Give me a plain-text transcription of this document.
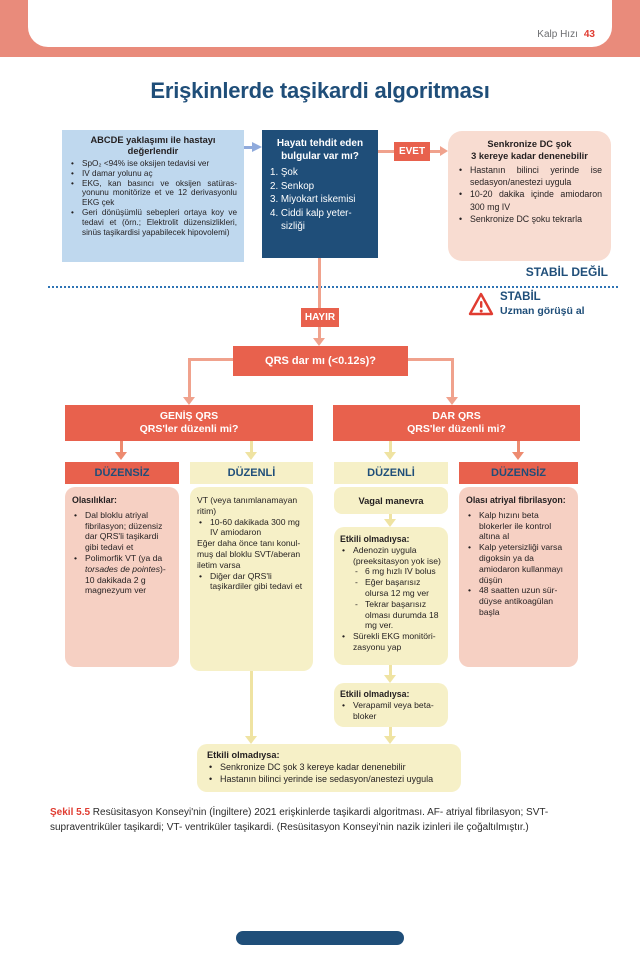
Kalp Hızı 43
Erişkinlerde taşikardi algoritması
ABCDE yaklaşımı ile hastayı değerlendir
• SpO₂ <94% ise oksijen tedavisi ver
• IV damar yolunu aç
• EKG, kan basıncı ve oksijen satürasyonunu monitörize et ve 12 derivasyonlu EKG çek
• Geri dönüşümlü sebepleri ortaya koy ve tedavi et (örn.; Elektrolit düzensizlikleri, sinüs taşikardisi yapabilecek hipovolemi)
Hayatı tehdit eden bulgular var mı?
1. Şok
2. Senkop
3. Miyokart iskemisi
4. Ciddi kalp yetersizliği
EVET
Senkronize DC şok
3 kereye kadar denenebilir
• Hastanın bilinci yerinde ise sedasyon/anestezi uygula
• 10-20 dakika içinde amiodaron 300 mg IV
• Senkronize DC şoku tekrarla
STABİL DEĞİL
STABİL
Uzman görüşü al
HAYIR
QRS dar mı (<0.12s)?
GENİŞ QRS
QRS'ler düzenli mi?
DAR QRS
QRS'ler düzenli mi?
DÜZENSİZ	DÜZENLİ	DÜZENLİ	DÜZENSİZ
Olasılıklar:
• Dal bloklu atriyal fibrilasyon; düzensiz dar QRS'li taşikardi gibi tedavi et
• Polimorfik VT (ya da torsades de pointes)- 10 dakikada 2 g magnezyum ver
VT (veya tanımlanamayan ritim)
• 10-60 dakikada 300 mg IV amiodaron
Eğer daha önce tanı konulmuş dal bloklu SVT/aberan iletim varsa
• Diğer dar QRS'li taşikardiler gibi tedavi et
Vagal manevra
Etkili olmadıysa:
• Adenozin uygula (preeksitasyon yok ise)
- 6 mg hızlı IV bolus
- Eğer başarısız olursa 12 mg ver
- Tekrar başarısız olması durumda 18 mg ver.
• Sürekli EKG monitörizasyonu yap
Etkili olmadıysa:
• Verapamil veya beta-bloker
Olası atriyal fibrilasyon:
• Kalp hızını beta blokerler ile kontrol altına al
• Kalp yetersizliği varsa digoksin ya da amiodaron kullanmayı düşün
• 48 saatten uzun sürdüyse antikoagülan başla
Etkili olmadıysa:
• Senkronize DC şok 3 kereye kadar denenebilir
• Hastanın bilinci yerinde ise sedasyon/anestezi uygula
Şekil 5.5 Resüsitasyon Konseyi'nin (İngiltere) 2021 erişkinlerde taşikardi algoritması. AF- atriyal fibrilasyon; SVT- supraventriküler taşikardi; VT- ventriküler taşikardi. (Resüsitasyon Konseyi'nin nazik izinleri ile çoğaltılmıştır.)
